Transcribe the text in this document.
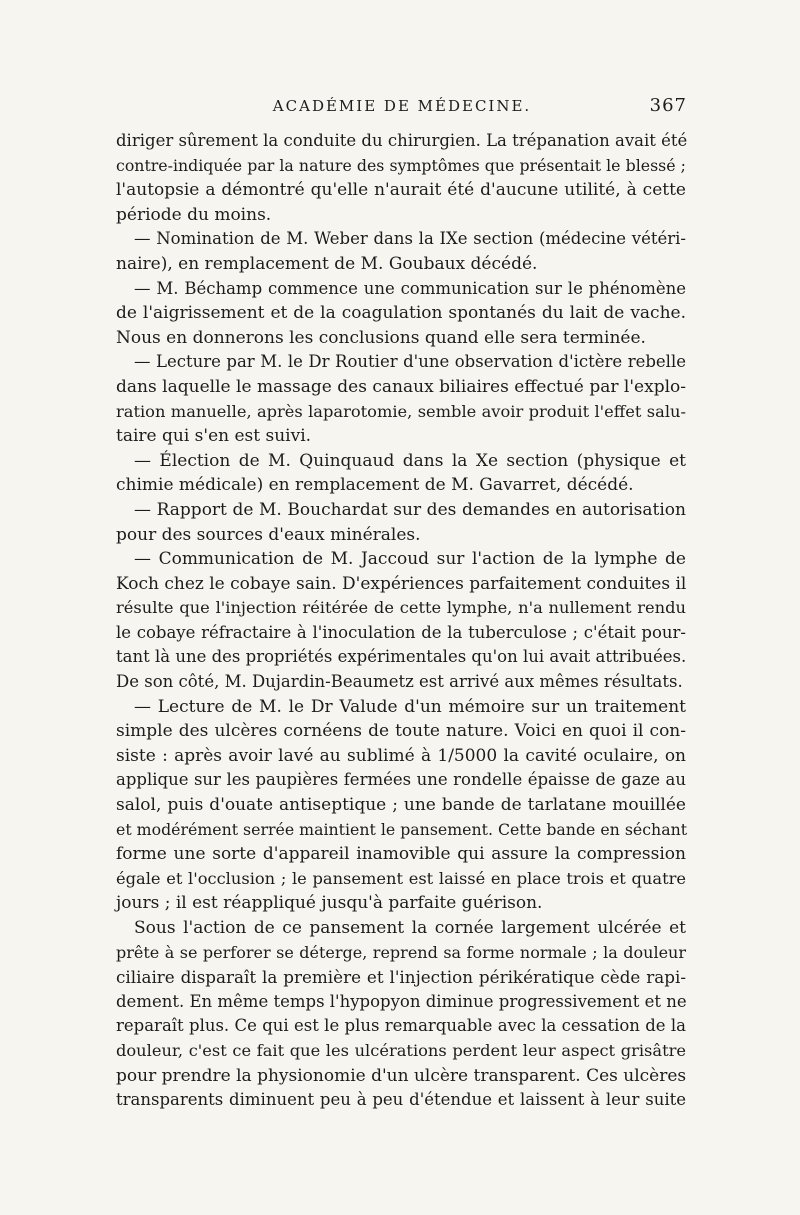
ACADÉMIE DE MÉDECINE.	367
diriger sûrement la conduite du chirurgien. La trépanation avait été
contre-indiquée par la nature des symptômes que présentait le blessé ;
l'autopsie a démontré qu'elle n'aurait été d'aucune utilité, à cette
période du moins.
— Nomination de M. Weber dans la IXe section (médecine vétéri-
naire), en remplacement de M. Goubaux décédé.
— M. Béchamp commence une communication sur le phénomène
de l'aigrissement et de la coagulation spontanés du lait de vache.
Nous en donnerons les conclusions quand elle sera terminée.
— Lecture par M. le Dr Routier d'une observation d'ictère rebelle
dans laquelle le massage des canaux biliaires effectué par l'explo-
ration manuelle, après laparotomie, semble avoir produit l'effet salu-
taire qui s'en est suivi.
— Élection de M. Quinquaud dans la Xe section (physique et
chimie médicale) en remplacement de M. Gavarret, décédé.
— Rapport de M. Bouchardat sur des demandes en autorisation
pour des sources d'eaux minérales.
— Communication de M. Jaccoud sur l'action de la lymphe de
Koch chez le cobaye sain. D'expériences parfaitement conduites il
résulte que l'injection réitérée de cette lymphe, n'a nullement rendu
le cobaye réfractaire à l'inoculation de la tuberculose ; c'était pour-
tant là une des propriétés expérimentales qu'on lui avait attribuées.
De son côté, M. Dujardin-Beaumetz est arrivé aux mêmes résultats.
— Lecture de M. le Dr Valude d'un mémoire sur un traitement
simple des ulcères cornéens de toute nature. Voici en quoi il con-
siste : après avoir lavé au sublimé à 1/5000 la cavité oculaire, on
applique sur les paupières fermées une rondelle épaisse de gaze au
salol, puis d'ouate antiseptique ; une bande de tarlatane mouillée
et modérément serrée maintient le pansement. Cette bande en séchant
forme une sorte d'appareil inamovible qui assure la compression
égale et l'occlusion ; le pansement est laissé en place trois et quatre
jours ; il est réappliqué jusqu'à parfaite guérison.
Sous l'action de ce pansement la cornée largement ulcérée et
prête à se perforer se déterge, reprend sa forme normale ; la douleur
ciliaire disparaît la première et l'injection périkératique cède rapi-
dement. En même temps l'hypopyon diminue progressivement et ne
reparaît plus. Ce qui est le plus remarquable avec la cessation de la
douleur, c'est ce fait que les ulcérations perdent leur aspect grisâtre
pour prendre la physionomie d'un ulcère transparent. Ces ulcères
transparents diminuent peu à peu d'étendue et laissent à leur suite
